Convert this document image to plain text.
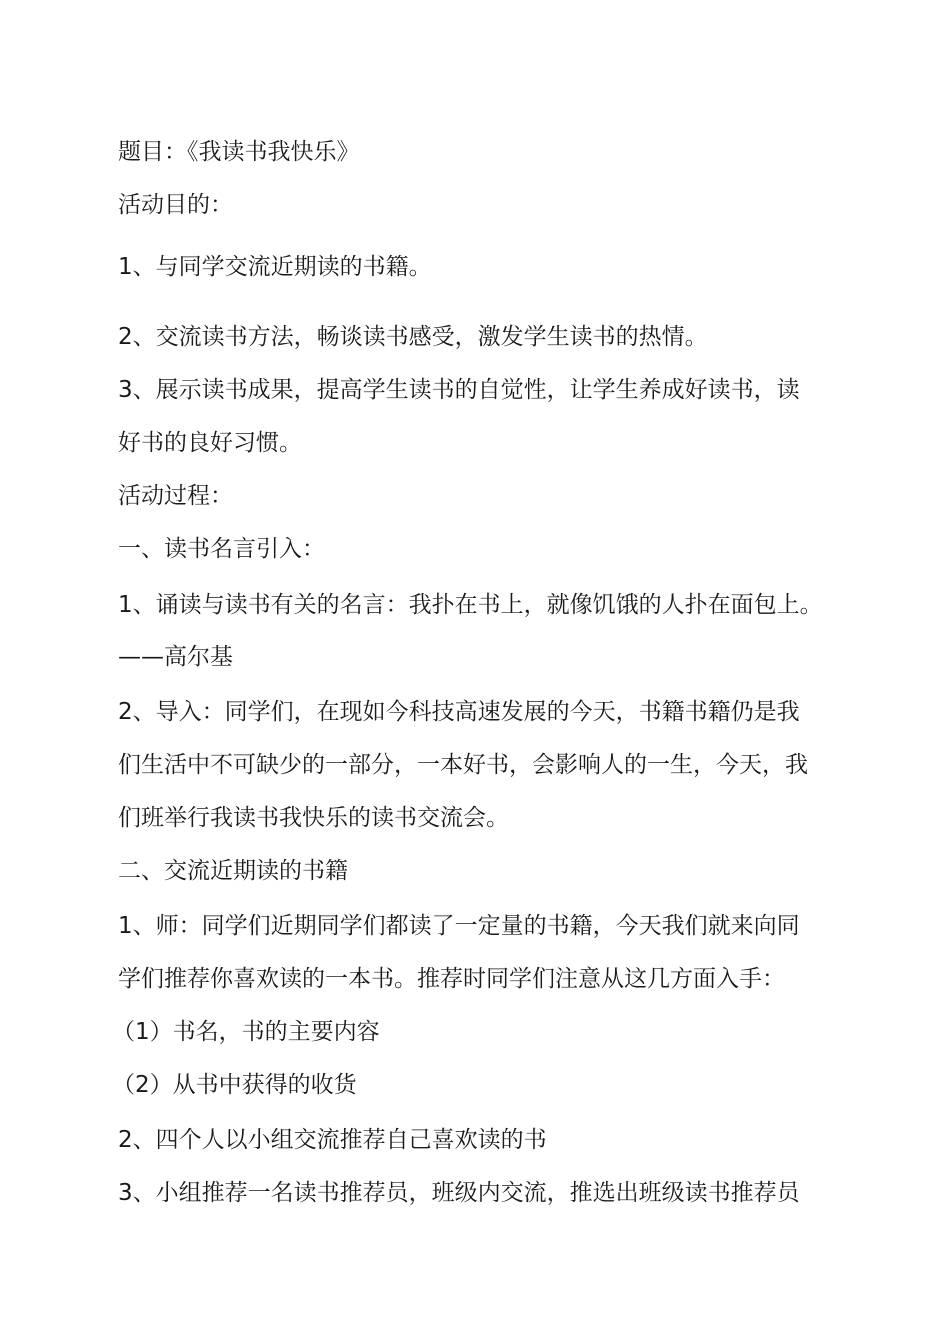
题目：《我读书我快乐》

活动目的：

1、与同学交流近期读的书籍。

2、交流读书方法，畅谈读书感受，激发学生读书的热情。

3、展示读书成果，提高学生读书的自觉性，让学生养成好读书，读

好书的良好习惯。

活动过程：

一、读书名言引入：

1、诵读与读书有关的名言：我扑在书上，就像饥饿的人扑在面包上。

——高尔基

2、导入：同学们，在现如今科技高速发展的今天，书籍书籍仍是我

们生活中不可缺少的一部分，一本好书，会影响人的一生，今天，我

们班举行我读书我快乐的读书交流会。

二、交流近期读的书籍

1、师：同学们近期同学们都读了一定量的书籍，今天我们就来向同

学们推荐你喜欢读的一本书。推荐时同学们注意从这几方面入手：

（1）书名，书的主要内容

（2）从书中获得的收货

2、四个人以小组交流推荐自己喜欢读的书

3、小组推荐一名读书推荐员，班级内交流，推选出班级读书推荐员
